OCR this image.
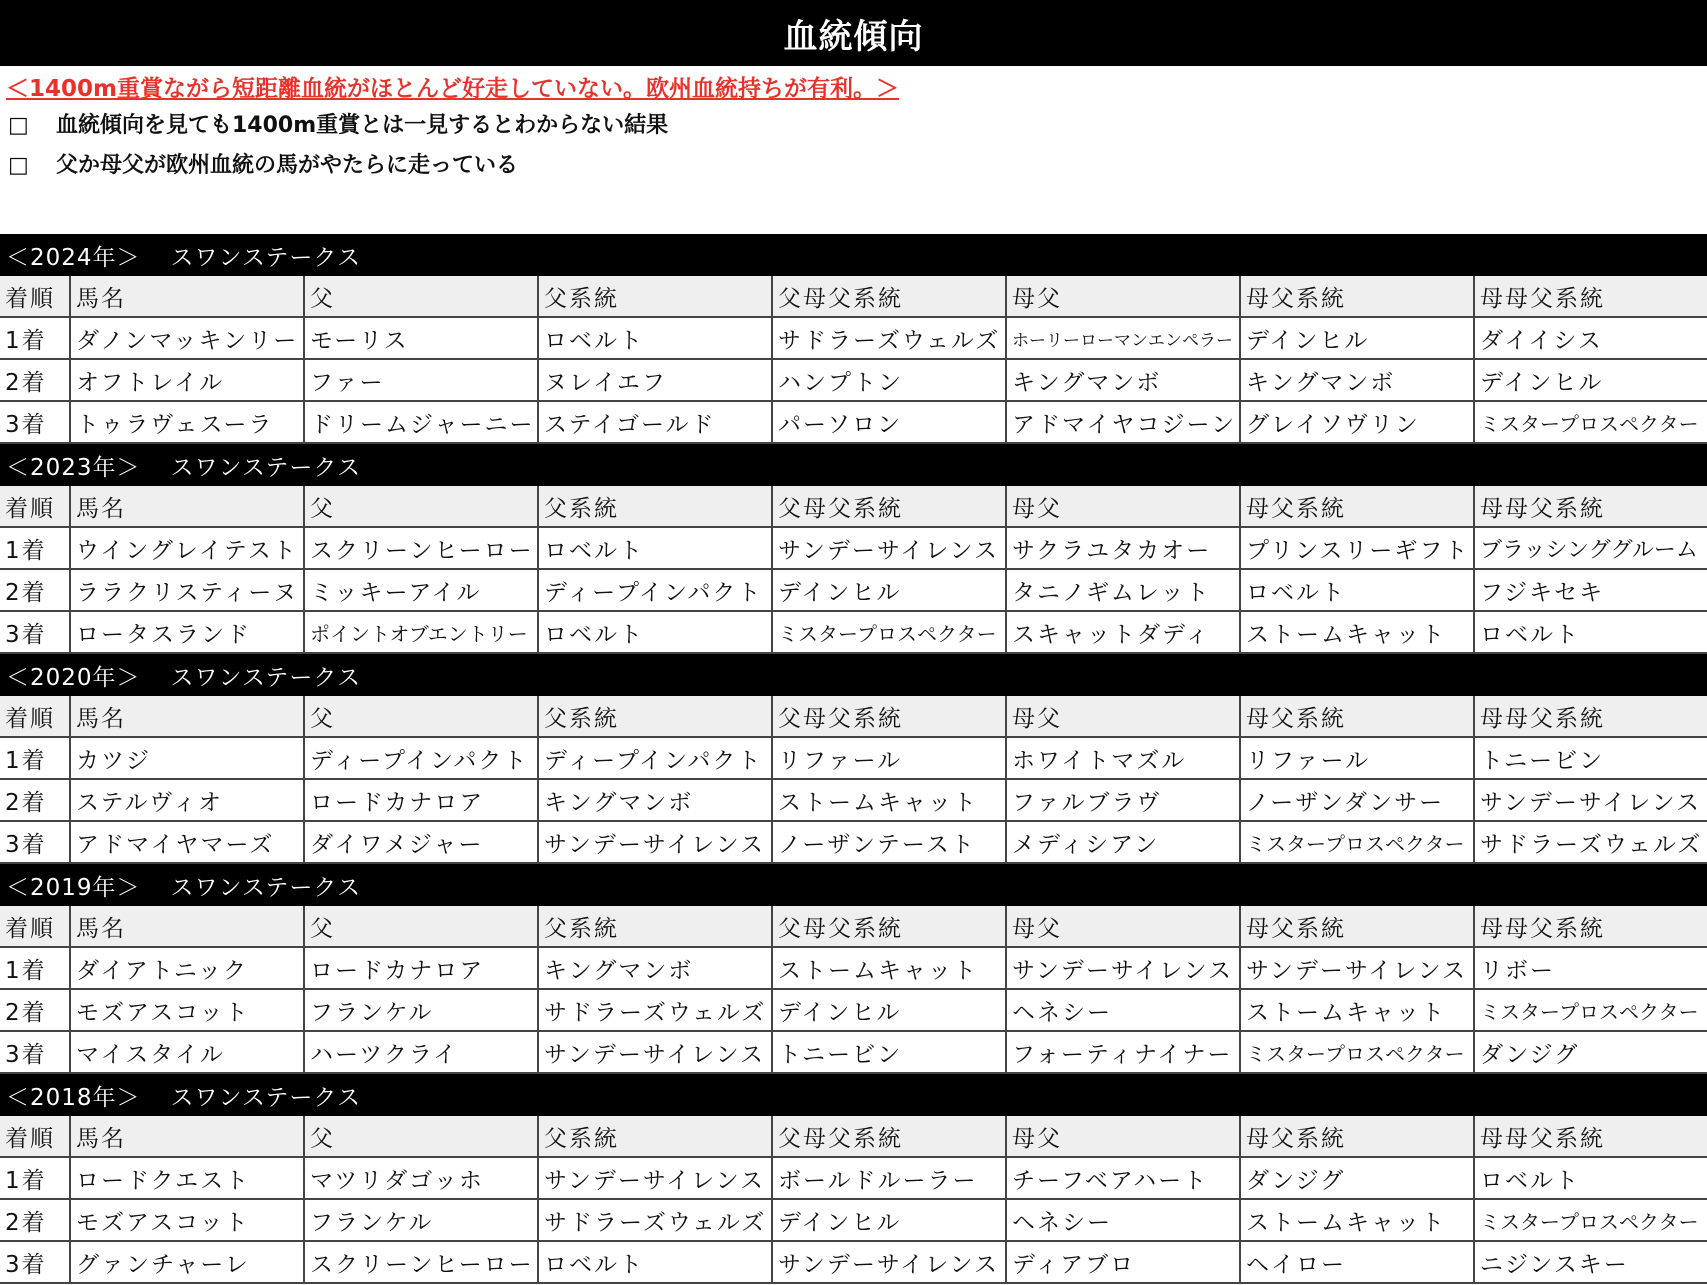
血統傾向
＜1400m重賞ながら短距離血統がほとんど好走していない。欧州血統持ちが有利。＞
□	血統傾向を見ても1400m重賞とは一見するとわからない結果
□	父か母父が欧州血統の馬がやたらに走っている
＜2024年＞ スワンステークス
着順	馬名	父	父系統	父母父系統	母父	母父系統	母母父系統
1着	ダノンマッキンリー	モーリス	ロベルト	サドラーズウェルズ	ホーリーローマンエンペラー	デインヒル	ダイイシス
2着	オフトレイル	ファー	ヌレイエフ	ハンプトン	キングマンボ	キングマンボ	デインヒル
3着	トゥラヴェスーラ	ドリームジャーニー	ステイゴールド	パーソロン	アドマイヤコジーン	グレイソヴリン	ミスタープロスペクター
＜2023年＞ スワンステークス
着順	馬名	父	父系統	父母父系統	母父	母父系統	母母父系統
1着	ウイングレイテスト	スクリーンヒーロー	ロベルト	サンデーサイレンス	サクラユタカオー	プリンスリーギフト	ブラッシンググルーム
2着	ララクリスティーヌ	ミッキーアイル	ディープインパクト	デインヒル	タニノギムレット	ロベルト	フジキセキ
3着	ロータスランド	ポイントオブエントリー	ロベルト	ミスタープロスペクター	スキャットダディ	ストームキャット	ロベルト
＜2020年＞ スワンステークス
着順	馬名	父	父系統	父母父系統	母父	母父系統	母母父系統
1着	カツジ	ディープインパクト	ディープインパクト	リファール	ホワイトマズル	リファール	トニービン
2着	ステルヴィオ	ロードカナロア	キングマンボ	ストームキャット	ファルブラヴ	ノーザンダンサー	サンデーサイレンス
3着	アドマイヤマーズ	ダイワメジャー	サンデーサイレンス	ノーザンテースト	メディシアン	ミスタープロスペクター	サドラーズウェルズ
＜2019年＞ スワンステークス
着順	馬名	父	父系統	父母父系統	母父	母父系統	母母父系統
1着	ダイアトニック	ロードカナロア	キングマンボ	ストームキャット	サンデーサイレンス	サンデーサイレンス	リボー
2着	モズアスコット	フランケル	サドラーズウェルズ	デインヒル	ヘネシー	ストームキャット	ミスタープロスペクター
3着	マイスタイル	ハーツクライ	サンデーサイレンス	トニービン	フォーティナイナー	ミスタープロスペクター	ダンジグ
＜2018年＞ スワンステークス
着順	馬名	父	父系統	父母父系統	母父	母父系統	母母父系統
1着	ロードクエスト	マツリダゴッホ	サンデーサイレンス	ボールドルーラー	チーフベアハート	ダンジグ	ロベルト
2着	モズアスコット	フランケル	サドラーズウェルズ	デインヒル	ヘネシー	ストームキャット	ミスタープロスペクター
3着	グァンチャーレ	スクリーンヒーロー	ロベルト	サンデーサイレンス	ディアブロ	ヘイロー	ニジンスキー
